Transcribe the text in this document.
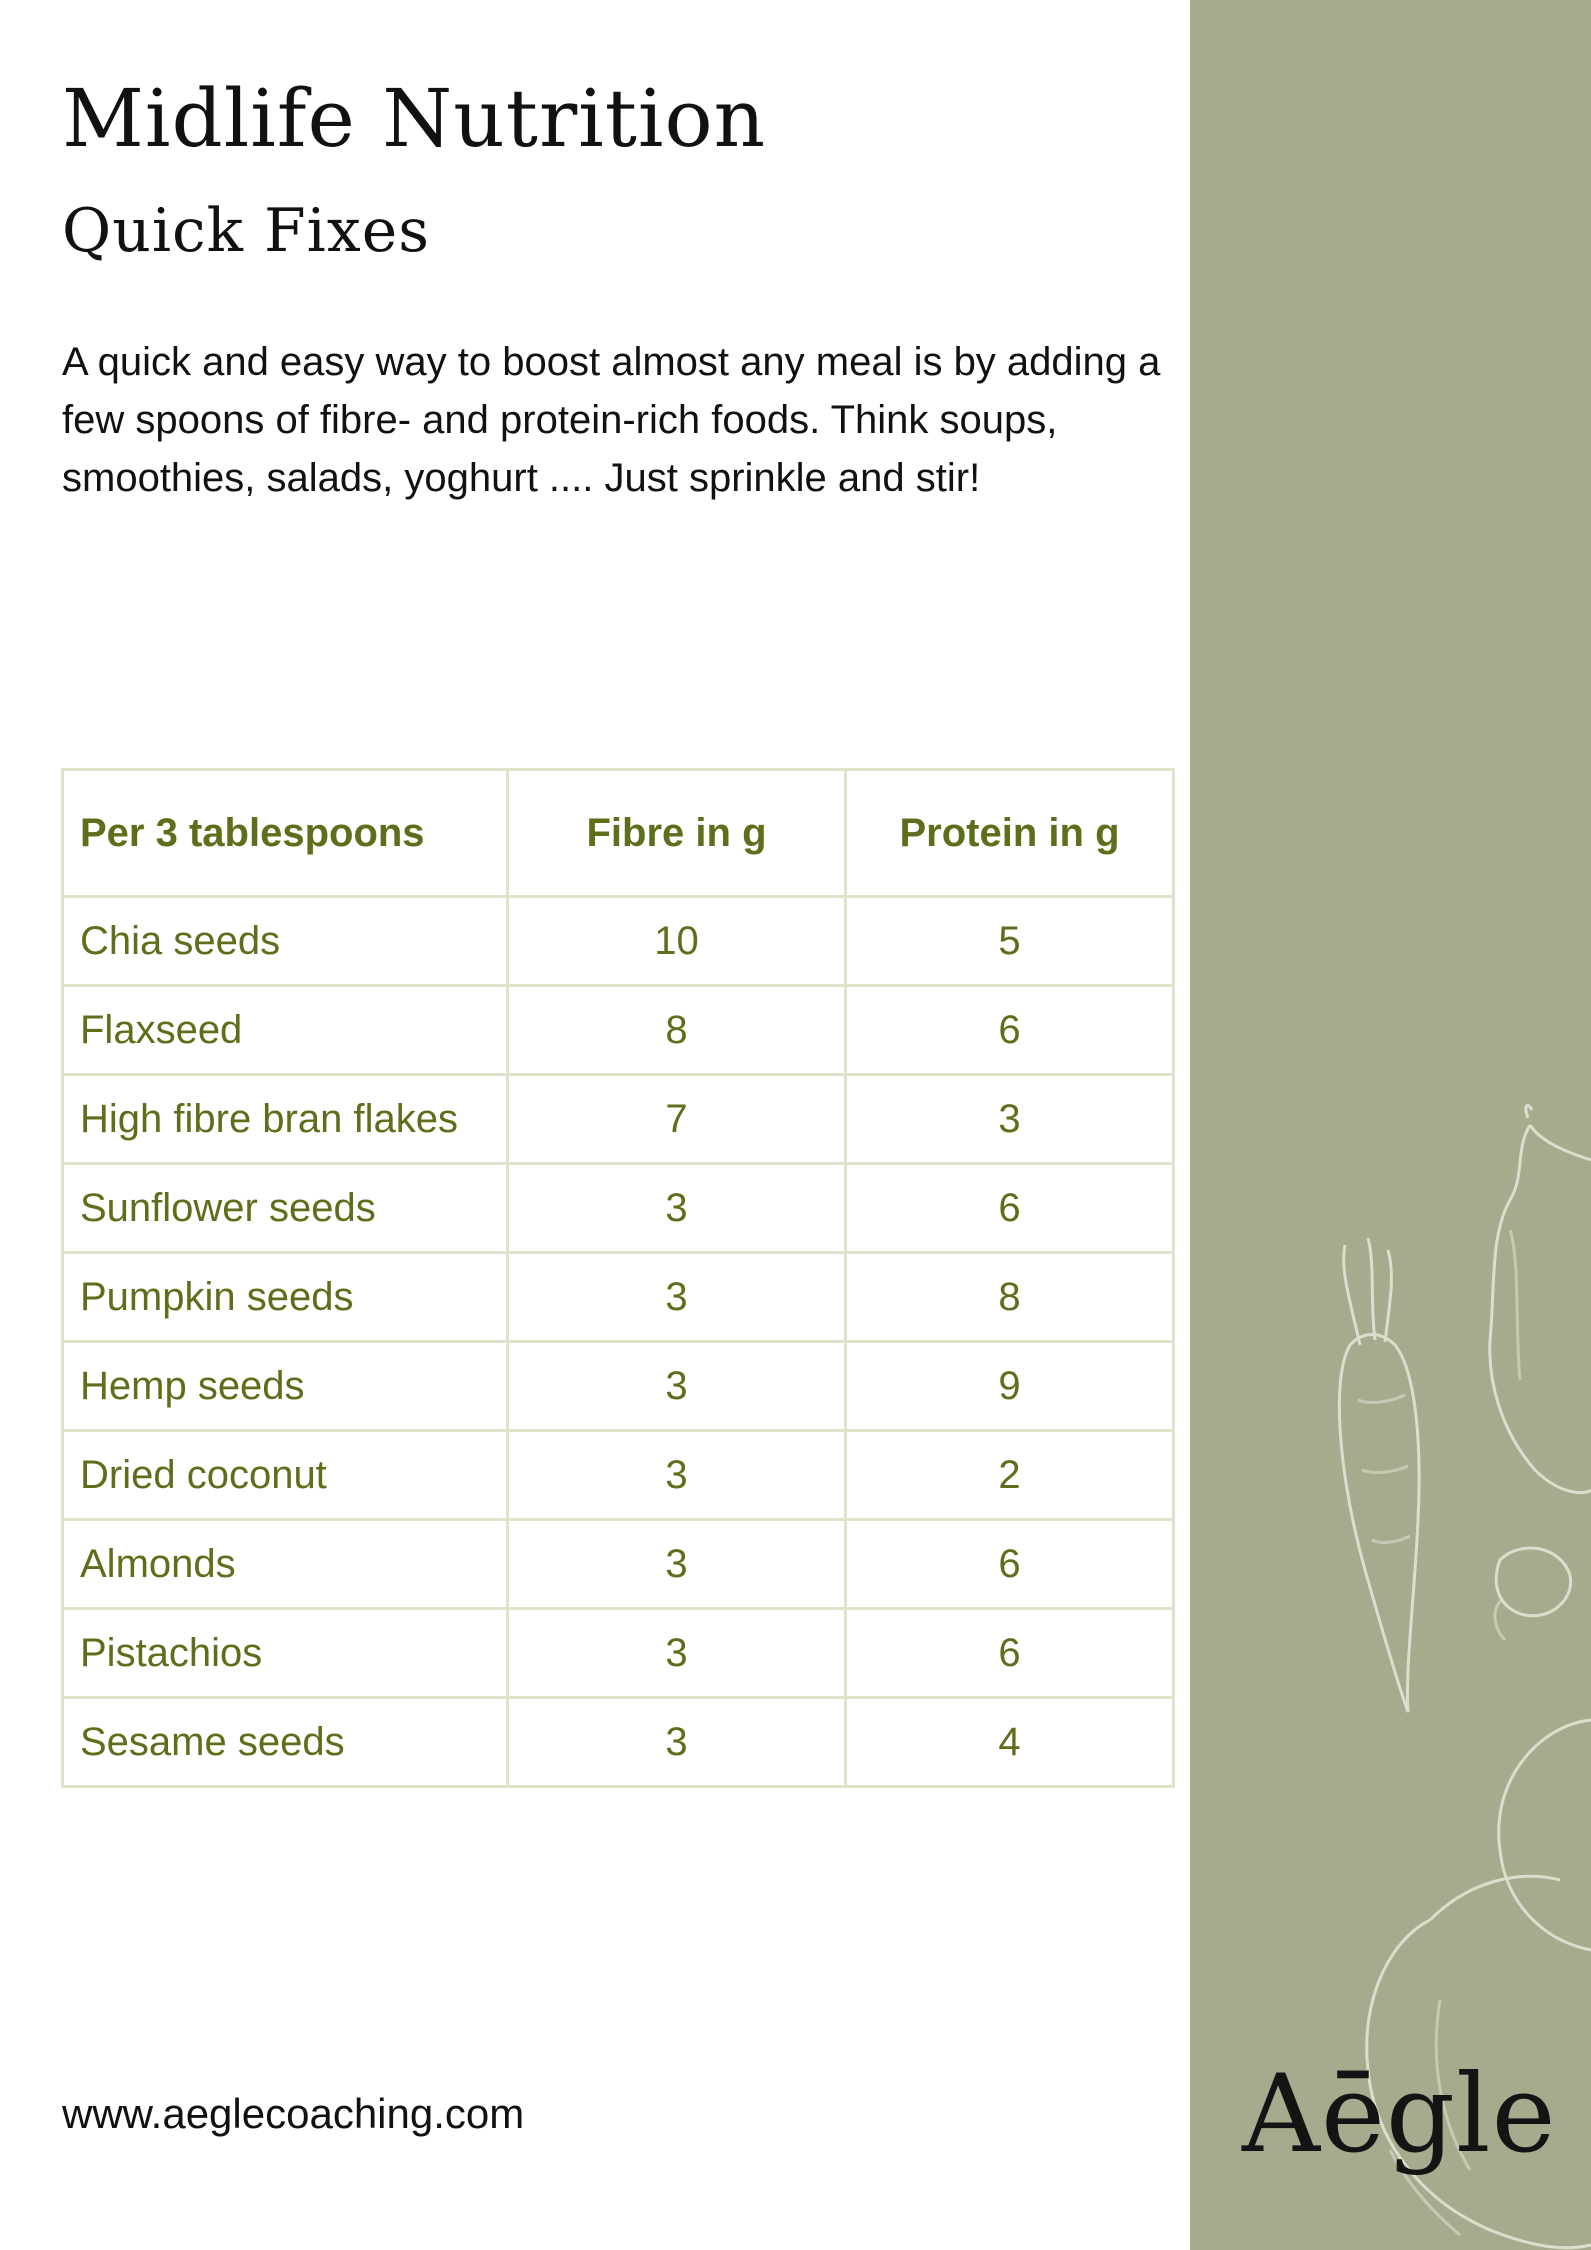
Midlife Nutrition
Quick Fixes

A quick and easy way to boost almost any meal is by adding a few spoons of fibre- and protein-rich foods. Think soups, smoothies, salads, yoghurt .... Just sprinkle and stir!

Per 3 tablespoons	Fibre in g	Protein in g
Chia seeds	10	5
Flaxseed	8	6
High fibre bran flakes	7	3
Sunflower seeds	3	6
Pumpkin seeds	3	8
Hemp seeds	3	9
Dried coconut	3	2
Almonds	3	6
Pistachios	3	6
Sesame seeds	3	4

www.aeglecoaching.com	Aēgle
